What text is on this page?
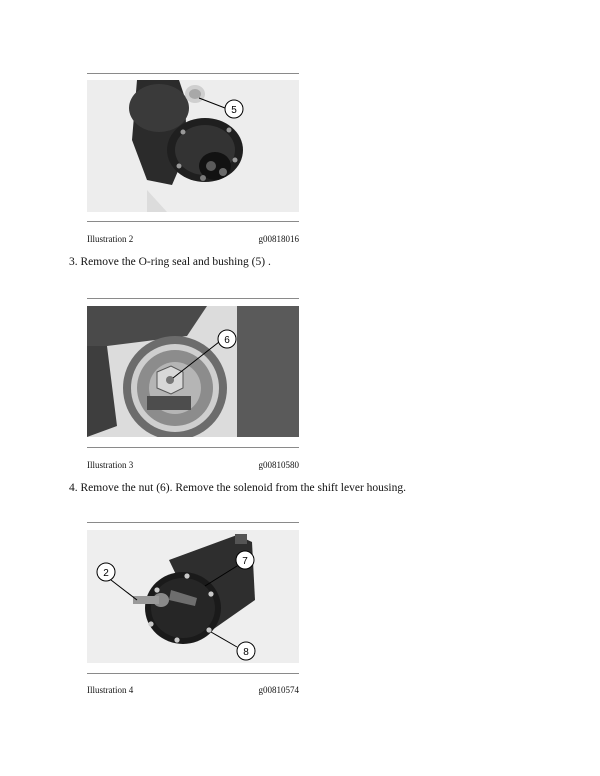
5
Illustration 2	g00818016
3. Remove the O-ring seal and bushing (5) .
6
Illustration 3	g00810580
4. Remove the nut (6). Remove the solenoid from the shift lever housing.
2
7
8
Illustration 4	g00810574
